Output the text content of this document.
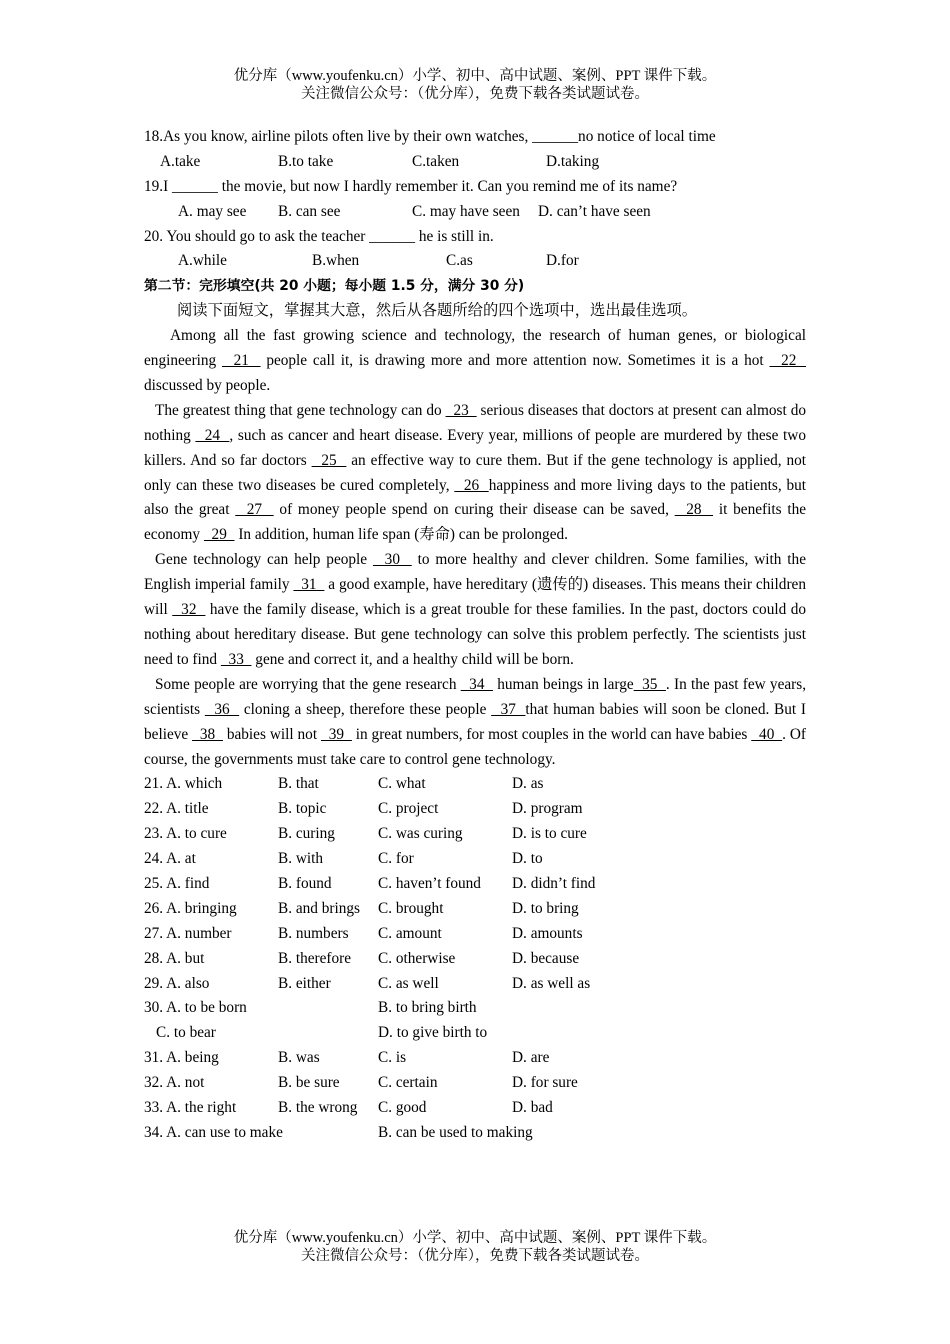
优分库（www.youfenku.cn）小学、初中、高中试题、案例、PPT 课件下载。
关注微信公众号：（优分库），免费下载各类试题试卷。
18.As you know, airline pilots often live by their own watches, ______no notice of local time
A.take	B.to take	C.taken	D.taking
19.I ______ the movie, but now I hardly remember it. Can you remind me of its name?
A. may see B. can see	C. may have seen D. can’t have seen
20. You should go to ask the teacher ______ he is still in.
A.while	B.when	C.as	D.for
第二节：完形填空(共 20 小题；每小题 1.5 分，满分 30 分)
阅读下面短文，掌握其大意，然后从各题所给的四个选项中，选出最佳选项。

Among all the fast growing science and technology, the research of human genes, or biological engineering   21   people call it, is drawing more and more attention now. Sometimes it is a hot   22   discussed by people.

The greatest thing that gene technology can do   23   serious diseases that doctors at present can almost do nothing   24  , such as cancer and heart disease. Every year, millions of people are murdered by these two killers. And so far doctors   25   an effective way to cure them. But if the gene technology is applied, not only can these two diseases be cured completely,   26  happiness and more living days to the patients, but also the great   27   of money people spend on curing their disease can be saved,   28   it benefits the economy   29   In addition, human life span (寿命) can be prolonged.

Gene technology can help people   30   to more healthy and clever children. Some families, with the English imperial family   31   a good example, have hereditary (遗传的) diseases. This means their children will   32   have the family disease, which is a great trouble for these families. In the past, doctors could do nothing about hereditary disease. But gene technology can solve this problem perfectly. The scientists just need to find   33   gene and correct it, and a healthy child will be born.

Some people are worrying that the gene research   34   human beings in large  35  . In the past few years, scientists   36   cloning a sheep, therefore these people   37  that human babies will soon be cloned. But I believe   38   babies will not   39   in great numbers, for most couples in the world can have babies   40  . Of course, the governments must take care to control gene technology.

21. A. which	B. that	C. what	D. as
22. A. title	B. topic	C. project	D. program
23. A. to cure	B. curing	C. was curing	D. is to cure
24. A. at	B. with	C. for	D. to
25. A. find	B. found	C. haven’t found D. didn’t find
26. A. bringing	B. and brings C. brought	D. to bring
27. A. number	B. numbers C. amount	D. amounts
28. A. but	B. therefore C. otherwise	D. because
29. A. also	B. either	C. as well	D. as well as
30. A. to be born	B. to bring birth
C. to bear	D. to give birth to
31. A. being	B. was	C. is	D. are
32. A. not	B. be sure	C. certain	D. for sure
33. A. the right	B. the wrong C. good	D. bad
34. A. can use to make	B. can be used to making
优分库（www.youfenku.cn）小学、初中、高中试题、案例、PPT 课件下载。
关注微信公众号：（优分库），免费下载各类试题试卷。
